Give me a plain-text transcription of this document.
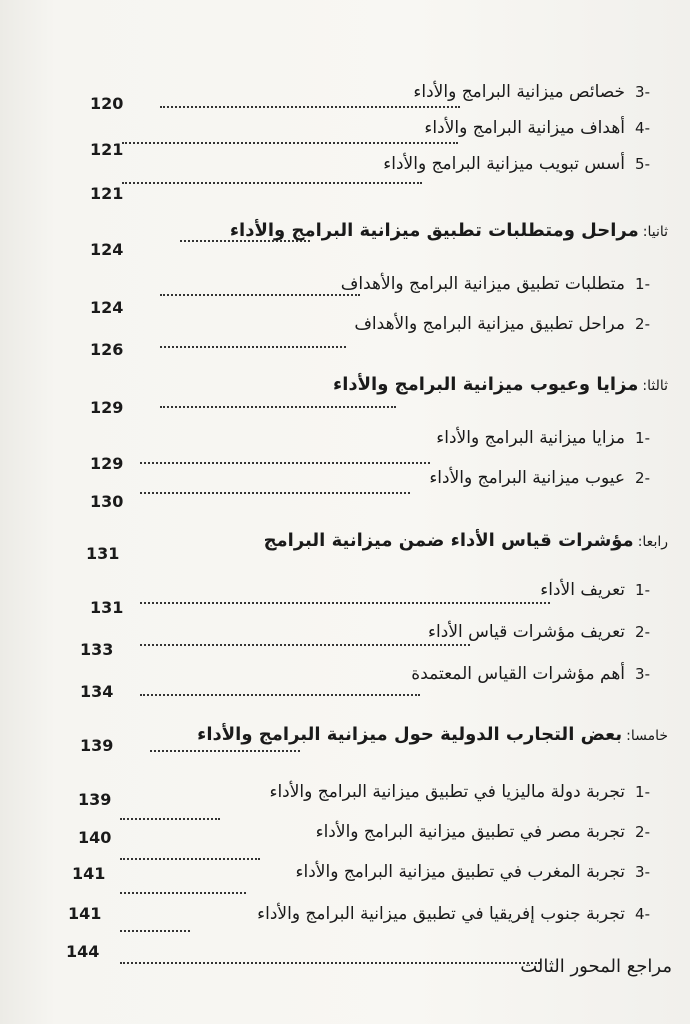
-3خصائص ميزانية البرامج والأداء
120
-4أهداف ميزانية البرامج والأداء
121
-5أسس تبويب ميزانية البرامج والأداء
121
ثانيا:مراحل ومتطلبات تطبيق ميزانية البرامج والأداء
124
-1متطلبات تطبيق ميزانية البرامج والأهداف
124
-2مراحل تطبيق ميزانية البرامج والأهداف
126
ثالثا:مزايا وعيوب ميزانية البرامج والأداء
129
-1مزايا ميزانية البرامج والأداء
129
-2عيوب ميزانية البرامج والأداء
130
رابعا:مؤشرات قياس الأداء ضمن ميزانية البرامج
131
-1تعريف الأداء
131
-2تعريف مؤشرات قياس الأداء
133
-3أهم مؤشرات القياس المعتمدة
134
خامسا:بعض التجارب الدولية حول ميزانية البرامج والأداء
139
-1تجربة دولة ماليزيا في تطبيق ميزانية البرامج والأداء
139
-2تجربة مصر في تطبيق ميزانية البرامج والأداء
140
-3تجربة المغرب في تطبيق ميزانية البرامج والأداء
141
-4تجربة جنوب إفريقيا في تطبيق ميزانية البرامج والأداء
141
مراجع المحور الثالث
144
